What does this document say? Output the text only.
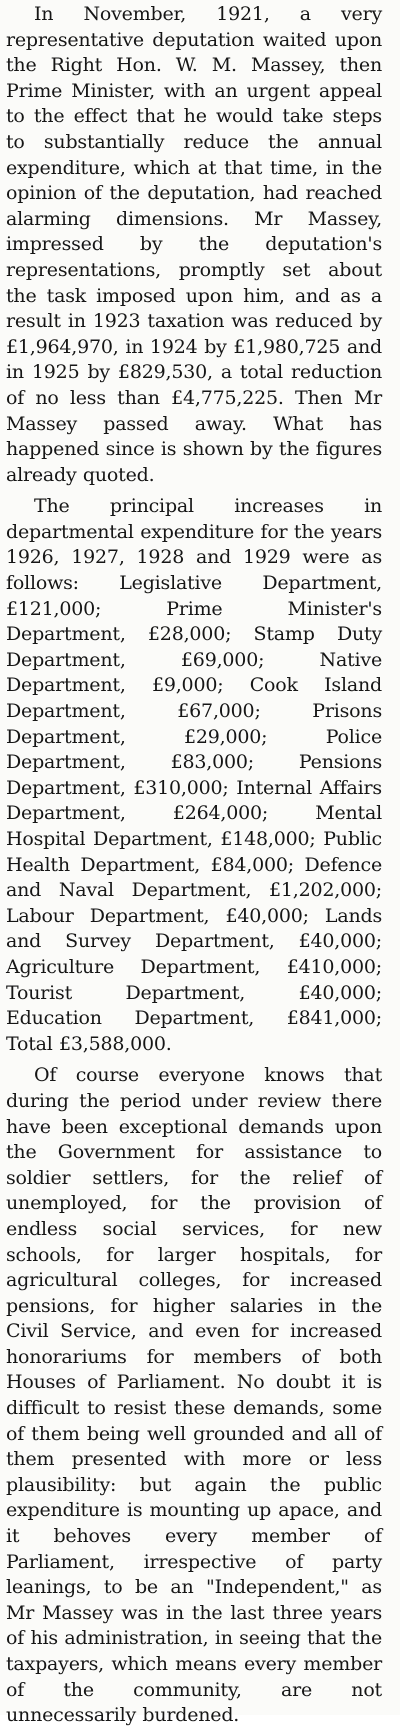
In November, 1921, a very representative deputation waited upon the Right Hon. W. M. Massey, then Prime Minister, with an urgent appeal to the effect that he would take steps to substantially reduce the annual expenditure, which at that time, in the opinion of the deputation, had reached alarming dimensions. Mr Massey, impressed by the deputation's representations, promptly set about the task imposed upon him, and as a result in 1923 taxation was reduced by £1,964,970, in 1924 by £1,980,725 and in 1925 by £829,530, a total reduction of no less than £4,775,225. Then Mr Massey passed away. What has happened since is shown by the figures already quoted.

The principal increases in departmental expenditure for the years 1926, 1927, 1928 and 1929 were as follows: Legislative Department, £121,000; Prime Minister's Department, £28,000; Stamp Duty Department, £69,000; Native Department, £9,000; Cook Island Department, £67,000; Prisons Department, £29,000; Police Department, £83,000; Pensions Department, £310,000; Internal Affairs Department, £264,000; Mental Hospital Department, £148,000; Public Health Department, £84,000; Defence and Naval Department, £1,202,000; Labour Department, £40,000; Lands and Survey Department, £40,000; Agriculture Department, £410,000; Tourist Department, £40,000; Education Department, £841,000; Total £3,588,000.

Of course everyone knows that during the period under review there have been exceptional demands upon the Government for assistance to soldier settlers, for the relief of unemployed, for the provision of endless social services, for new schools, for larger hospitals, for agricultural colleges, for increased pensions, for higher salaries in the Civil Service, and even for increased honorariums for members of both Houses of Parliament. No doubt it is difficult to resist these demands, some of them being well grounded and all of them presented with more or less plausibility: but again the public expenditure is mounting up apace, and it behoves every member of Parliament, irrespective of party leanings, to be an "Independent," as Mr Massey was in the last three years of his administration, in seeing that the taxpayers, which means every member of the community, are not unnecessarily burdened.
